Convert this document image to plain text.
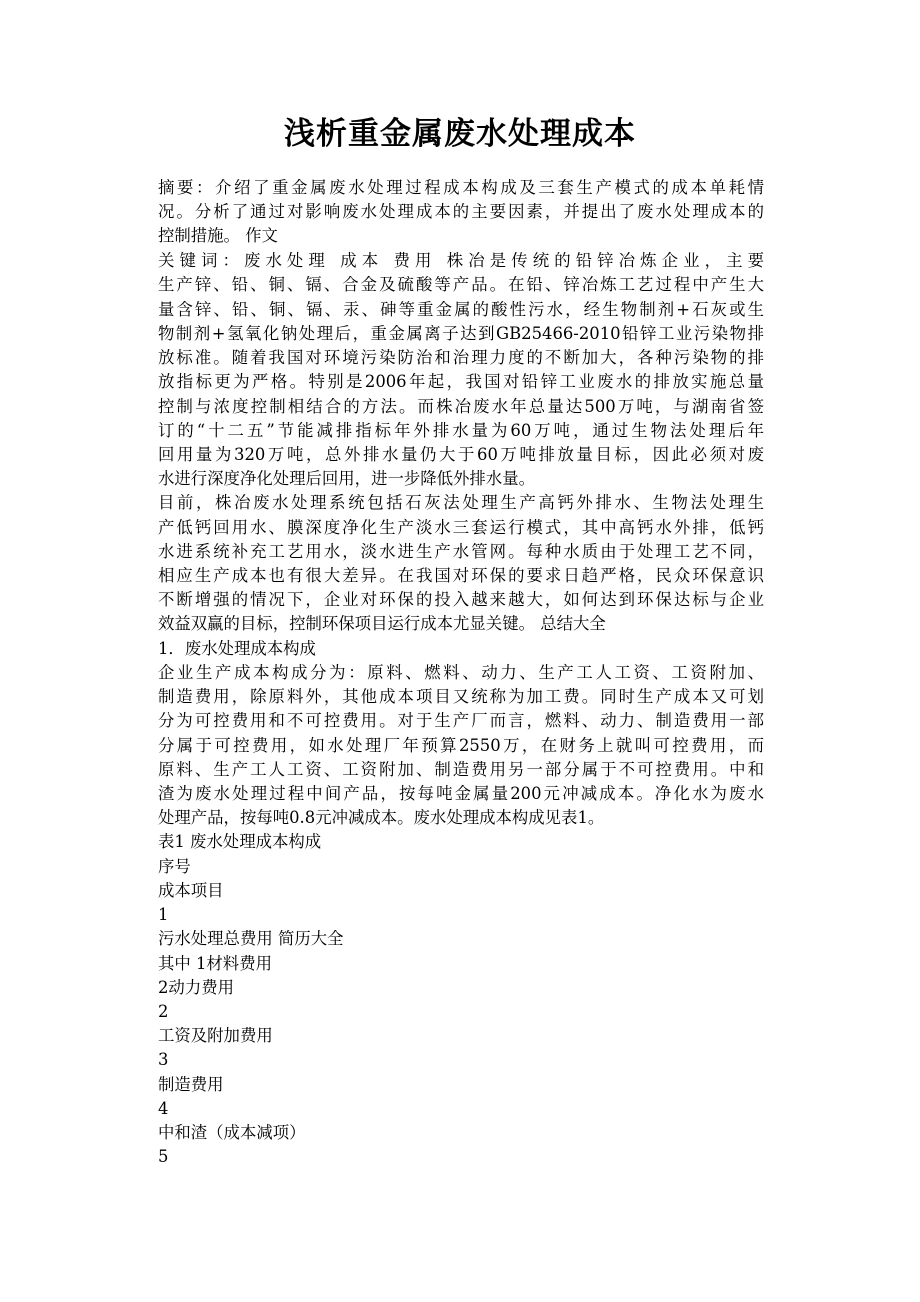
浅析重金属废水处理成本
摘要：介绍了重金属废水处理过程成本构成及三套生产模式的成本单耗情
况。分析了通过对影响废水处理成本的主要因素，并提出了废水处理成本的
控制措施。 作文
关键词：废水处理 成本 费用 株冶是传统的铅锌冶炼企业，主要
生产锌、铅、铜、镉、合金及硫酸等产品。在铅、锌冶炼工艺过程中产生大
量含锌、铅、铜、镉、汞、砷等重金属的酸性污水，经生物制剂+石灰或生
物制剂+氢氧化钠处理后，重金属离子达到GB25466-2010铅锌工业污染物排
放标准。随着我国对环境污染防治和治理力度的不断加大，各种污染物的排
放指标更为严格。特别是2006年起，我国对铅锌工业废水的排放实施总量
控制与浓度控制相结合的方法。而株冶废水年总量达500万吨，与湖南省签
订的“十二五”节能减排指标年外排水量为60万吨，通过生物法处理后年
回用量为320万吨，总外排水量仍大于60万吨排放量目标，因此必须对废
水进行深度净化处理后回用，进一步降低外排水量。
目前，株冶废水处理系统包括石灰法处理生产高钙外排水、生物法处理生
产低钙回用水、膜深度净化生产淡水三套运行模式，其中高钙水外排，低钙
水进系统补充工艺用水，淡水进生产水管网。每种水质由于处理工艺不同，
相应生产成本也有很大差异。在我国对环保的要求日趋严格，民众环保意识
不断增强的情况下，企业对环保的投入越来越大，如何达到环保达标与企业
效益双赢的目标，控制环保项目运行成本尤显关键。 总结大全
1．废水处理成本构成
企业生产成本构成分为：原料、燃料、动力、生产工人工资、工资附加、
制造费用，除原料外，其他成本项目又统称为加工费。同时生产成本又可划
分为可控费用和不可控费用。对于生产厂而言，燃料、动力、制造费用一部
分属于可控费用，如水处理厂年预算2550万，在财务上就叫可控费用，而
原料、生产工人工资、工资附加、制造费用另一部分属于不可控费用。中和
渣为废水处理过程中间产品，按每吨金属量200元冲减成本。净化水为废水
处理产品，按每吨0.8元冲减成本。废水处理成本构成见表1。
表1 废水处理成本构成
序号
成本项目
1
污水处理总费用 简历大全
其中 1材料费用
2动力费用
2
工资及附加费用
3
制造费用
4
中和渣（成本减项）
5
